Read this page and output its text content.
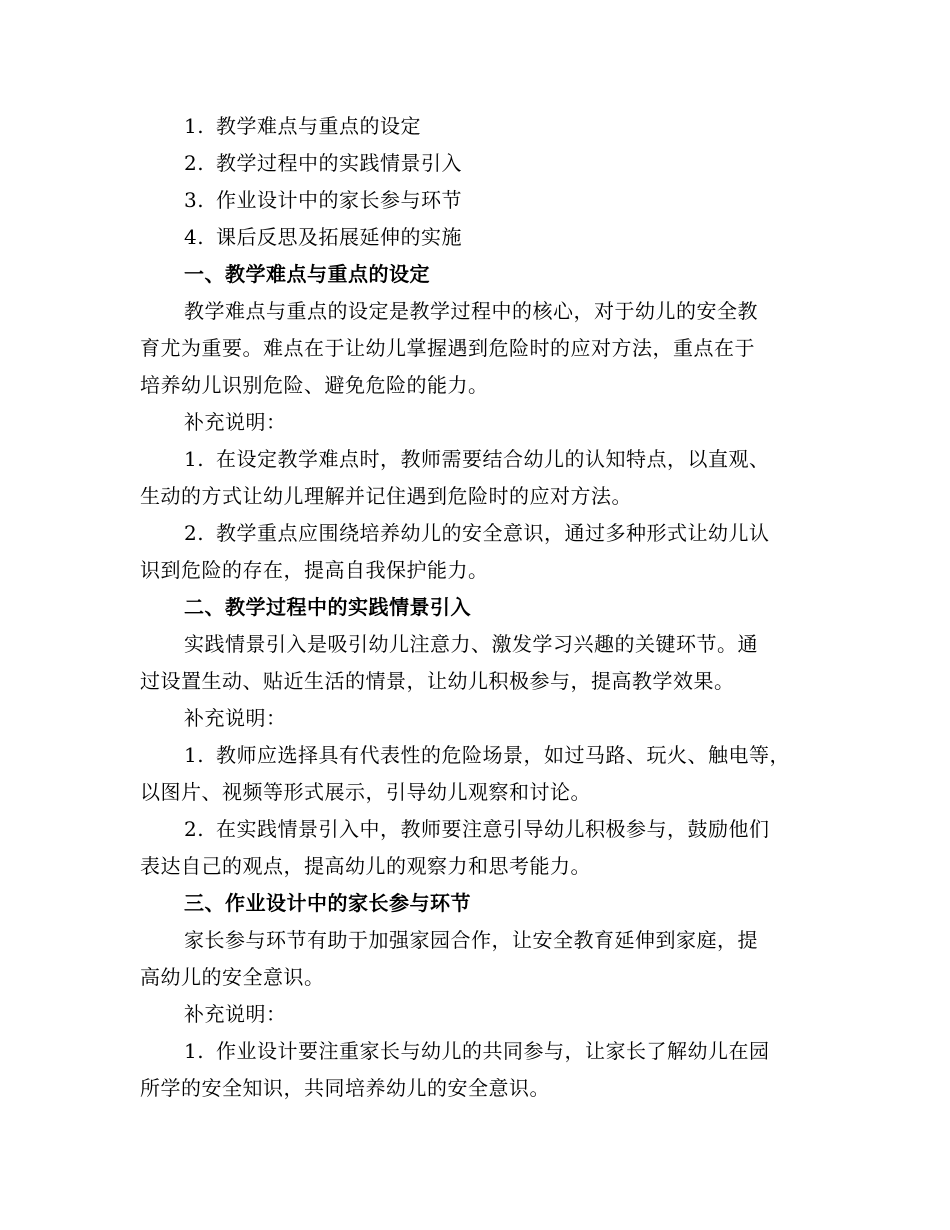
1. 教学难点与重点的设定
2. 教学过程中的实践情景引入
3. 作业设计中的家长参与环节
4. 课后反思及拓展延伸的实施
一、教学难点与重点的设定
教学难点与重点的设定是教学过程中的核心，对于幼儿的安全教
育尤为重要。难点在于让幼儿掌握遇到危险时的应对方法，重点在于
培养幼儿识别危险、避免危险的能力。
补充说明：
1. 在设定教学难点时，教师需要结合幼儿的认知特点，以直观、
生动的方式让幼儿理解并记住遇到危险时的应对方法。
2. 教学重点应围绕培养幼儿的安全意识，通过多种形式让幼儿认
识到危险的存在，提高自我保护能力。
二、教学过程中的实践情景引入
实践情景引入是吸引幼儿注意力、激发学习兴趣的关键环节。通
过设置生动、贴近生活的情景，让幼儿积极参与，提高教学效果。
补充说明：
1. 教师应选择具有代表性的危险场景，如过马路、玩火、触电等，
以图片、视频等形式展示，引导幼儿观察和讨论。
2. 在实践情景引入中，教师要注意引导幼儿积极参与，鼓励他们
表达自己的观点，提高幼儿的观察力和思考能力。
三、作业设计中的家长参与环节
家长参与环节有助于加强家园合作，让安全教育延伸到家庭，提
高幼儿的安全意识。
补充说明：
1. 作业设计要注重家长与幼儿的共同参与，让家长了解幼儿在园
所学的安全知识，共同培养幼儿的安全意识。
